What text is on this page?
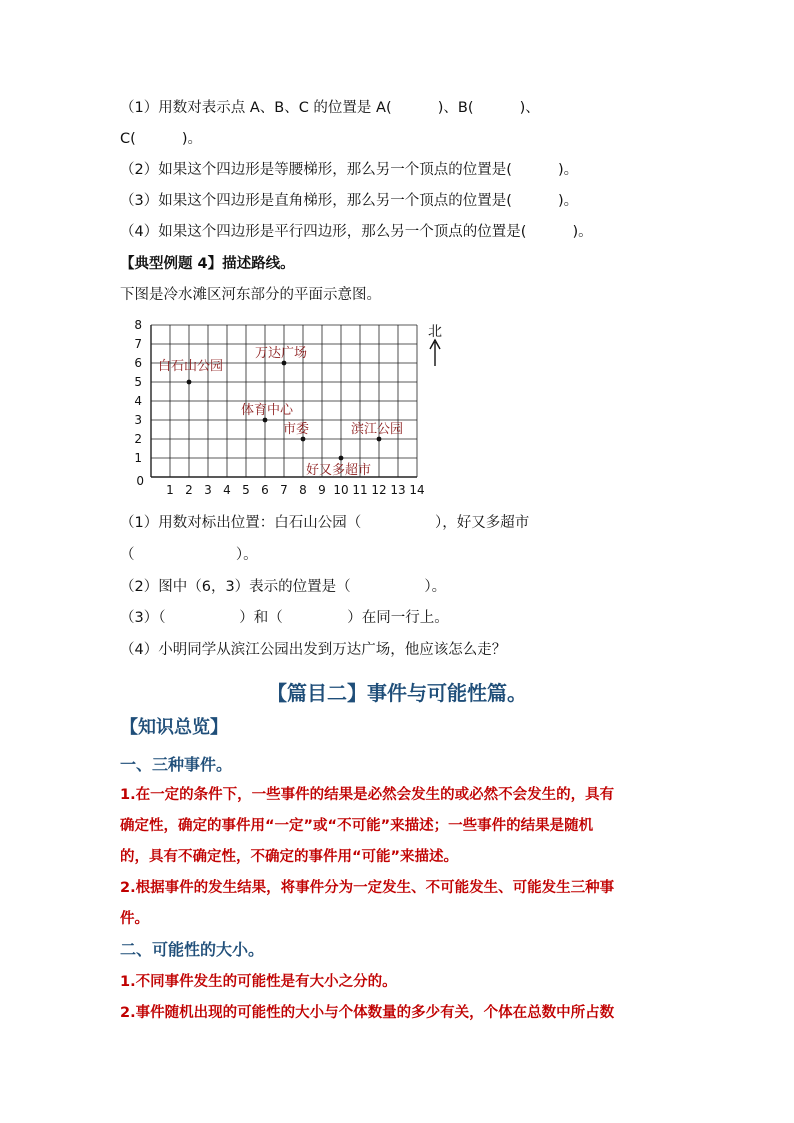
（1）用数对表示点 A、B、C 的位置是 A(          )、B(          )、
C(          )。
（2）如果这个四边形是等腰梯形，那么另一个顶点的位置是(          )。
（3）如果这个四边形是直角梯形，那么另一个顶点的位置是(          )。
（4）如果这个四边形是平行四边形，那么另一个顶点的位置是(          )。
【典型例题 4】描述路线。
下图是冷水滩区河东部分的平面示意图。
1 2 3 4 5 6 7 8 9 10 11 12 13 14
1
2
3
4
5
6
7
8
0
北
白石山公园
万达广场
体育中心
市委
好又多超市
滨江公园
（1）用数对标出位置：白石山公园（                ），好又多超市
（                      ）。
（2）图中（6，3）表示的位置是（                ）。
（3）（                ）和（              ）在同一行上。
（4）小明同学从滨江公园出发到万达广场，他应该怎么走？
【篇目二】事件与可能性篇。
【知识总览】
一、三种事件。
1.在一定的条件下，一些事件的结果是必然会发生的或必然不会发生的，具有
确定性，确定的事件用“一定”或“不可能”来描述；一些事件的结果是随机
的，具有不确定性，不确定的事件用“可能”来描述。
2.根据事件的发生结果，将事件分为一定发生、不可能发生、可能发生三种事
件。
二、可能性的大小。
1.不同事件发生的可能性是有大小之分的。
2.事件随机出现的可能性的大小与个体数量的多少有关，个体在总数中所占数
